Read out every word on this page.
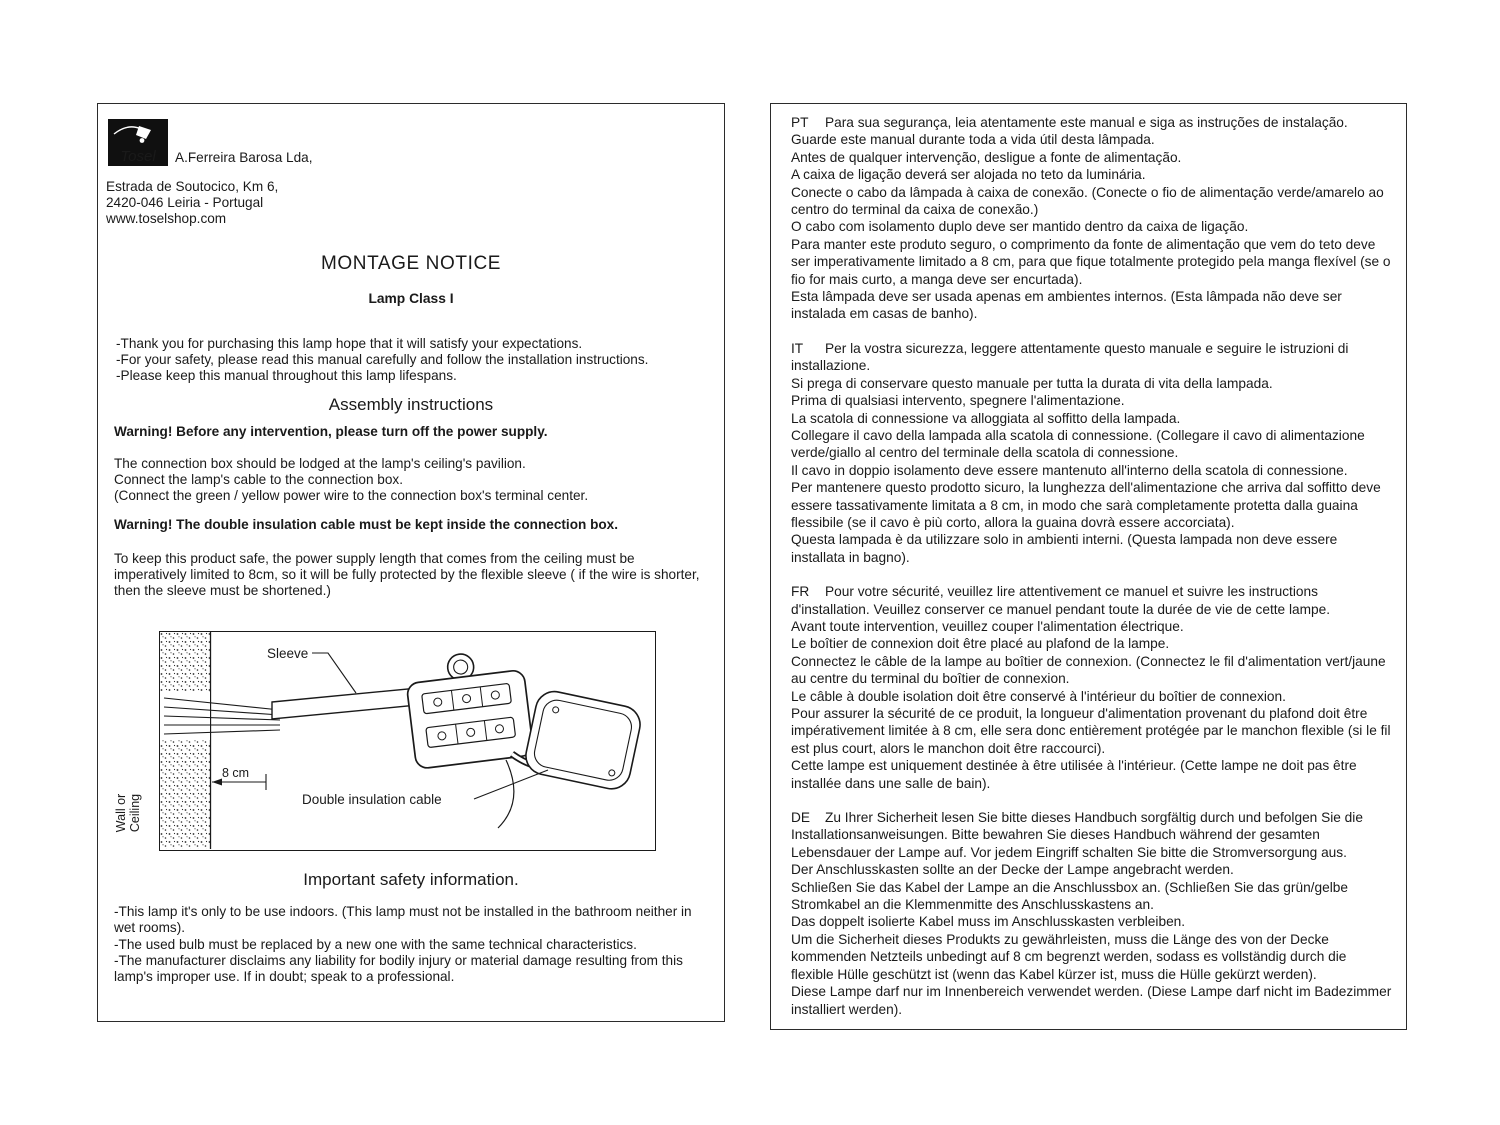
Tosel A.Ferreira Barosa Lda,
Estrada de Soutocico, Km 6,
2420-046 Leiria - Portugal
www.toselshop.com
MONTAGE NOTICE
Lamp Class I
-Thank you for purchasing this lamp hope that it will satisfy your expectations.
-For your safety, please read this manual carefully and follow the installation instructions.
-Please keep this manual throughout this lamp lifespans.
Assembly instructions

Warning! Before any intervention, please turn off the power supply.

The connection box should be lodged at the lamp's ceiling's pavilion.
Connect the lamp's cable to the connection box.
(Connect the green / yellow power wire to the connection box's terminal center.

Warning! The double insulation cable must be kept inside the connection box.

To keep this product safe, the power supply length that comes from the ceiling must be imperatively limited to 8cm, so it will be fully protected by the flexible sleeve ( if the wire is shorter, then the sleeve must be shortened.)

Wall or Ceiling
8 cm
Sleeve
Double insulation cable
Important safety information.
-This lamp it's only to be use indoors. (This lamp must not be installed in the bathroom neither in wet rooms).
-The used bulb must be replaced by a new one with the same technical characteristics.
-The manufacturer disclaims any liability for bodily injury or material damage resulting from this lamp's improper use. If in doubt; speak to a professional.
PT Para sua segurança, leia atentamente este manual e siga as instruções de instalação.
Guarde este manual durante toda a vida útil desta lâmpada.
Antes de qualquer intervenção, desligue a fonte de alimentação.
A caixa de ligação deverá ser alojada no teto da luminária.
Conecte o cabo da lâmpada à caixa de conexão. (Conecte o fio de alimentação verde/amarelo ao centro do terminal da caixa de conexão.)
O cabo com isolamento duplo deve ser mantido dentro da caixa de ligação.
Para manter este produto seguro, o comprimento da fonte de alimentação que vem do teto deve ser imperativamente limitado a 8 cm, para que fique totalmente protegido pela manga flexível (se o fio for mais curto, a manga deve ser encurtada).
Esta lâmpada deve ser usada apenas em ambientes internos. (Esta lâmpada não deve ser instalada em casas de banho).
IT Per la vostra sicurezza, leggere attentamente questo manuale e seguire le istruzioni di installazione.
Si prega di conservare questo manuale per tutta la durata di vita della lampada.
Prima di qualsiasi intervento, spegnere l'alimentazione.
La scatola di connessione va alloggiata al soffitto della lampada.
Collegare il cavo della lampada alla scatola di connessione. (Collegare il cavo di alimentazione verde/giallo al centro del terminale della scatola di connessione.
Il cavo in doppio isolamento deve essere mantenuto all'interno della scatola di connessione.
Per mantenere questo prodotto sicuro, la lunghezza dell'alimentazione che arriva dal soffitto deve essere tassativamente limitata a 8 cm, in modo che sarà completamente protetta dalla guaina flessibile (se il cavo è più corto, allora la guaina dovrà essere accorciata).
Questa lampada è da utilizzare solo in ambienti interni. (Questa lampada non deve essere installata in bagno).
FR Pour votre sécurité, veuillez lire attentivement ce manuel et suivre les instructions d'installation. Veuillez conserver ce manuel pendant toute la durée de vie de cette lampe.
Avant toute intervention, veuillez couper l'alimentation électrique.
Le boîtier de connexion doit être placé au plafond de la lampe.
Connectez le câble de la lampe au boîtier de connexion. (Connectez le fil d'alimentation vert/jaune au centre du terminal du boîtier de connexion.
Le câble à double isolation doit être conservé à l'intérieur du boîtier de connexion.
Pour assurer la sécurité de ce produit, la longueur d'alimentation provenant du plafond doit être impérativement limitée à 8 cm, elle sera donc entièrement protégée par le manchon flexible (si le fil est plus court, alors le manchon doit être raccourci).
Cette lampe est uniquement destinée à être utilisée à l'intérieur. (Cette lampe ne doit pas être installée dans une salle de bain).
DE Zu Ihrer Sicherheit lesen Sie bitte dieses Handbuch sorgfältig durch und befolgen Sie die Installationsanweisungen. Bitte bewahren Sie dieses Handbuch während der gesamten Lebensdauer der Lampe auf. Vor jedem Eingriff schalten Sie bitte die Stromversorgung aus.
Der Anschlusskasten sollte an der Decke der Lampe angebracht werden.
Schließen Sie das Kabel der Lampe an die Anschlussbox an. (Schließen Sie das grün/gelbe Stromkabel an die Klemmenmitte des Anschlusskastens an.
Das doppelt isolierte Kabel muss im Anschlusskasten verbleiben.
Um die Sicherheit dieses Produkts zu gewährleisten, muss die Länge des von der Decke kommenden Netzteils unbedingt auf 8 cm begrenzt werden, sodass es vollständig durch die flexible Hülle geschützt ist (wenn das Kabel kürzer ist, muss die Hülle gekürzt werden).
Diese Lampe darf nur im Innenbereich verwendet werden. (Diese Lampe darf nicht im Badezimmer installiert werden).
